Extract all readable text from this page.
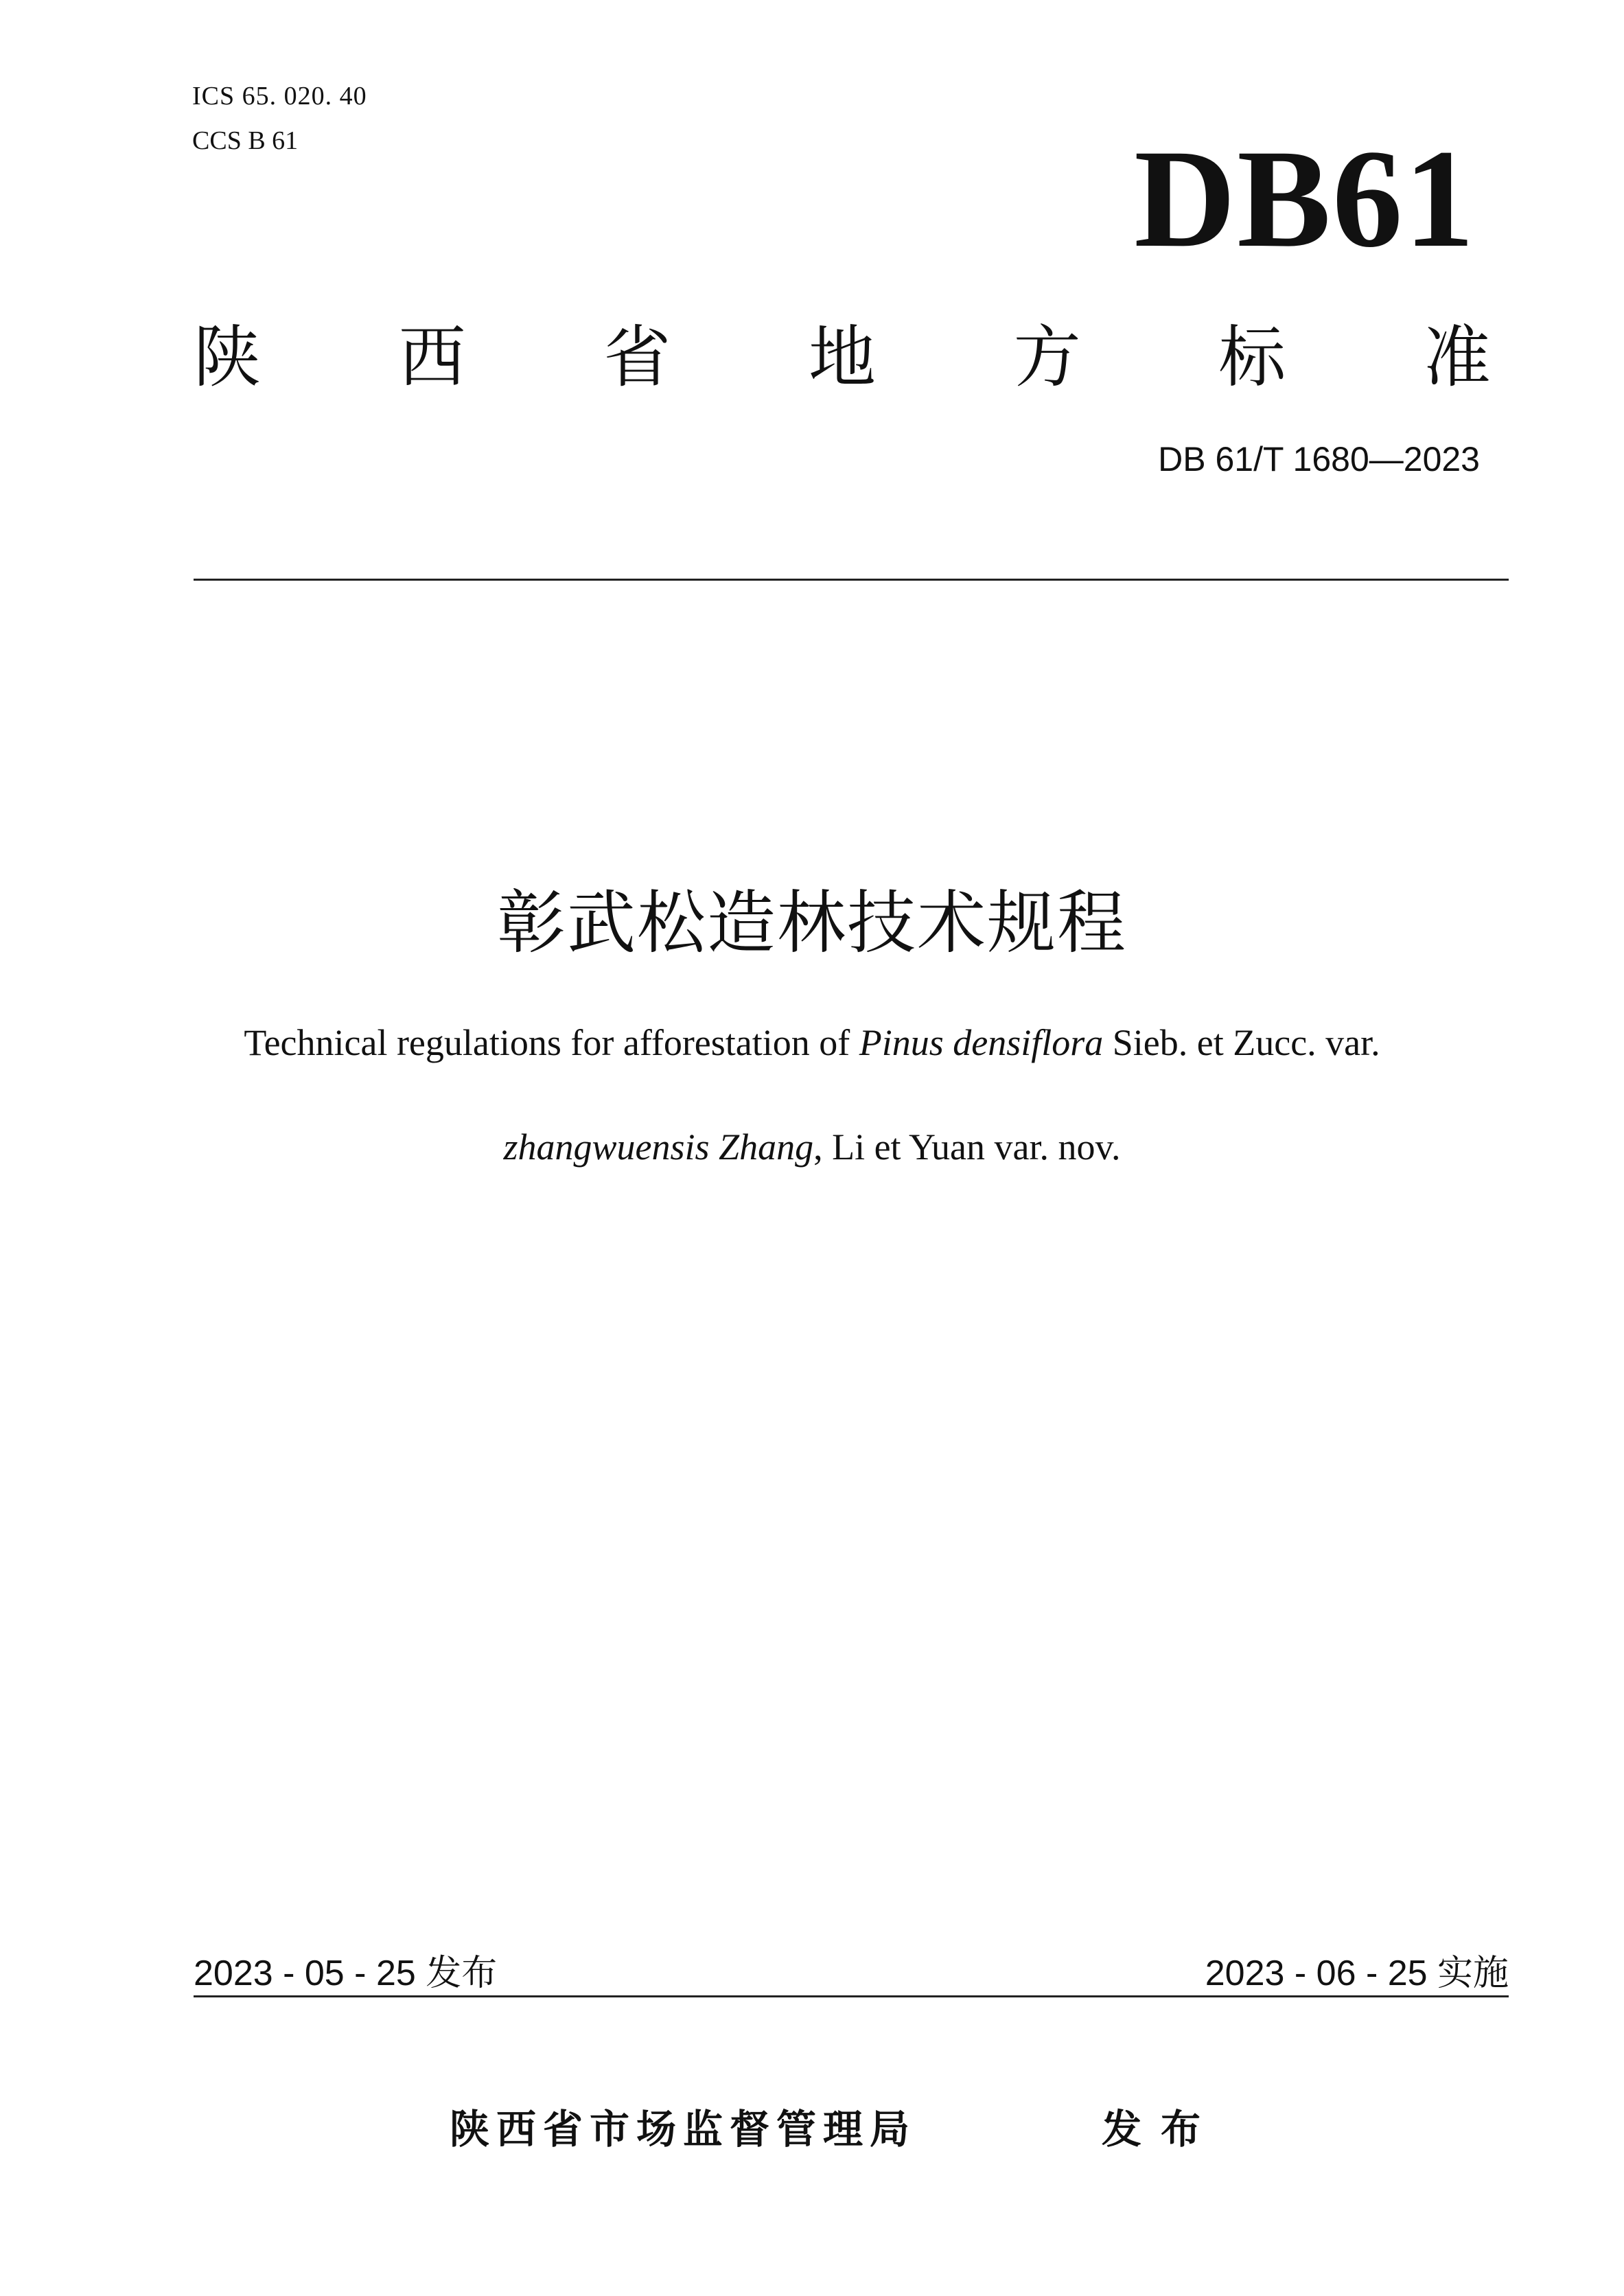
ICS 65. 020. 40
CCS B 61	DB61
陕 西 省 地 方 标 准
DB 61/T 1680—2023
彰武松造林技术规程
Technical regulations for afforestation of Pinus densiflora Sieb. et Zucc. var.
zhangwuensis Zhang, Li et Yuan var. nov.
2023 - 05 - 25 发布	2023 - 06 - 25 实施
陕西省市场监督管理局	发布
